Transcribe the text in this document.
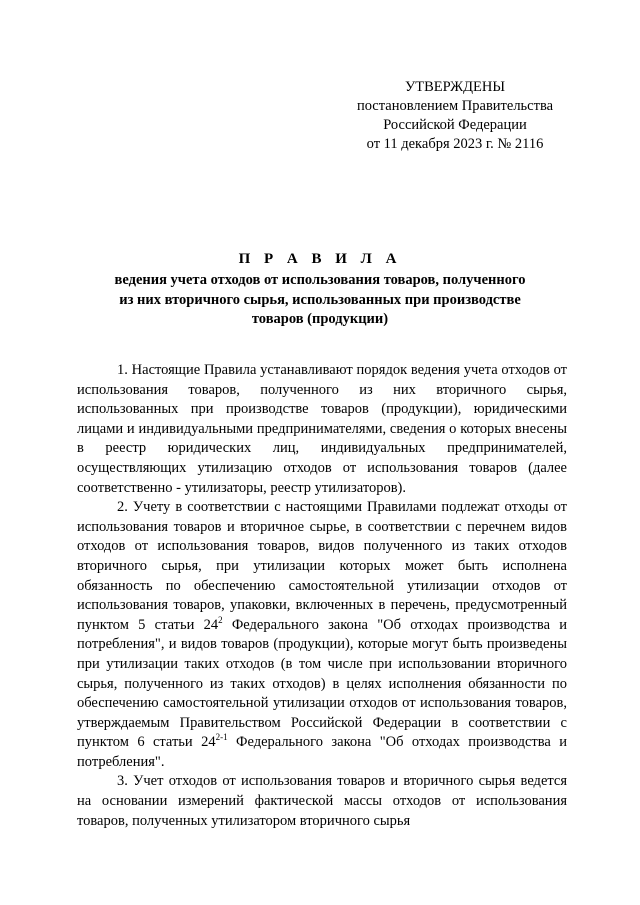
УТВЕРЖДЕНЫ
постановлением Правительства
Российской Федерации
от 11 декабря 2023 г. № 2116
П Р А В И Л А
ведения учета отходов от использования товаров, полученного
из них вторичного сырья, использованных при производстве
товаров (продукции)

1. Настоящие Правила устанавливают порядок ведения учета отходов от использования товаров, полученного из них вторичного сырья, использованных при производстве товаров (продукции), юридическими лицами и индивидуальными предпринимателями, сведения о которых внесены в реестр юридических лиц, индивидуальных предпринимателей, осуществляющих утилизацию отходов от использования товаров (далее соответственно - утилизаторы, реестр утилизаторов).

2. Учету в соответствии с настоящими Правилами подлежат отходы от использования товаров и вторичное сырье, в соответствии с перечнем видов отходов от использования товаров, видов полученного из таких отходов вторичного сырья, при утилизации которых может быть исполнена обязанность по обеспечению самостоятельной утилизации отходов от использования товаров, упаковки, включенных в перечень, предусмотренный пунктом 5 статьи $24^2$ Федерального закона "Об отходах производства и потребления", и видов товаров (продукции), которые могут быть произведены при утилизации таких отходов (в том числе при использовании вторичного сырья, полученного из таких отходов) в целях исполнения обязанности по обеспечению самостоятельной утилизации отходов от использования товаров, утверждаемым Правительством Российской Федерации в соответствии с пунктом 6 статьи 24$^{2-1}$ Федерального закона "Об отходах производства и потребления".

3. Учет отходов от использования товаров и вторичного сырья ведется на основании измерений фактической массы отходов от использования товаров, полученных утилизатором вторичного сырья
